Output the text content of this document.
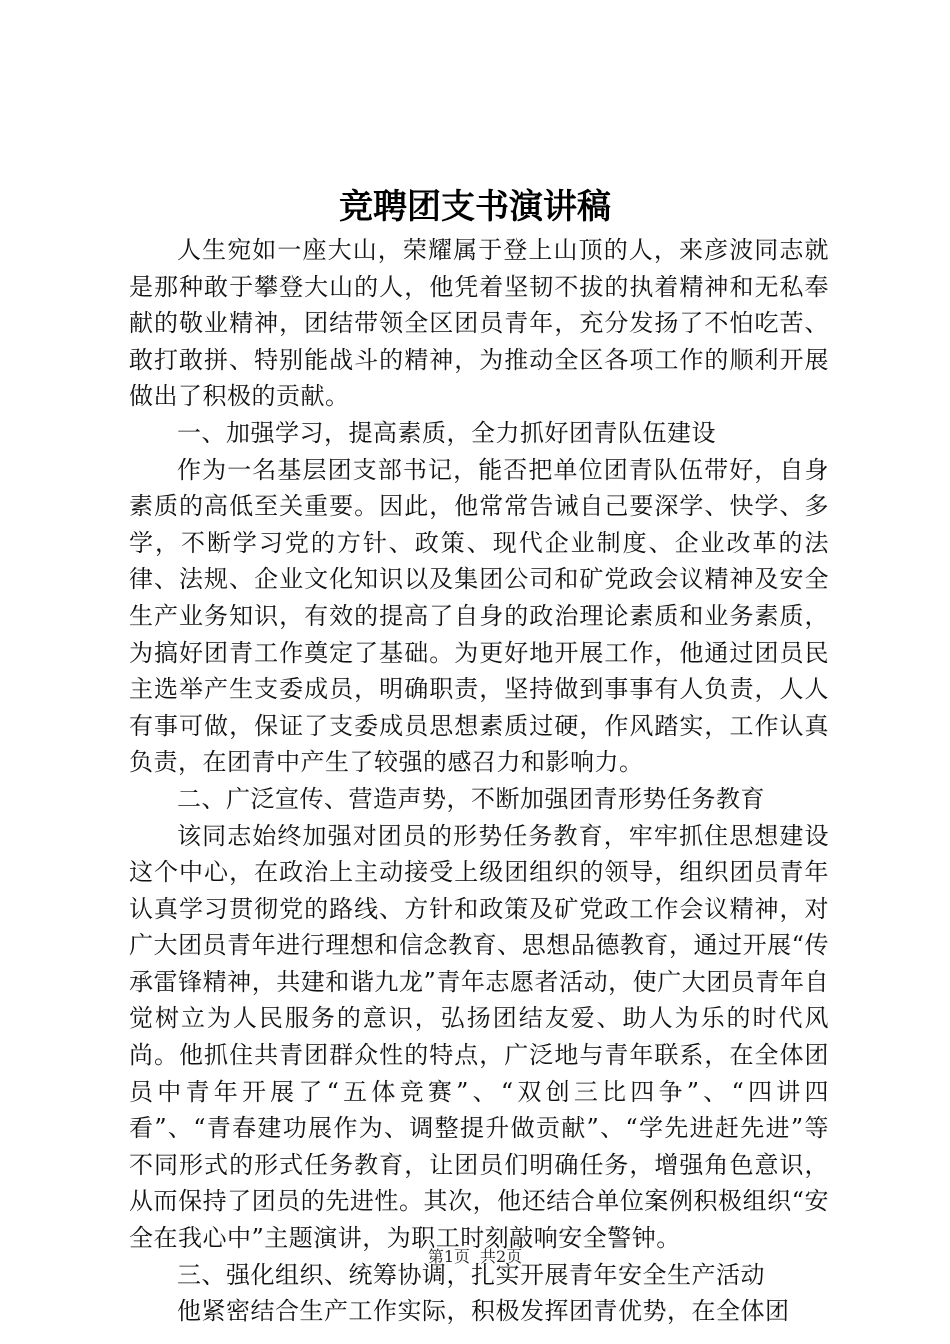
竞聘团支书演讲稿

人生宛如一座大山，荣耀属于登上山顶的人，来彦波同志就是那种敢于攀登大山的人，他凭着坚韧不拔的执着精神和无私奉献的敬业精神，团结带领全区团员青年，充分发扬了不怕吃苦、敢打敢拼、特别能战斗的精神，为推动全区各项工作的顺利开展做出了积极的贡献。

一、加强学习，提高素质，全力抓好团青队伍建设

作为一名基层团支部书记，能否把单位团青队伍带好，自身素质的高低至关重要。因此，他常常告诫自己要深学、快学、多学，不断学习党的方针、政策、现代企业制度、企业改革的法律、法规、企业文化知识以及集团公司和矿党政会议精神及安全生产业务知识，有效的提高了自身的政治理论素质和业务素质，为搞好团青工作奠定了基础。为更好地开展工作，他通过团员民主选举产生支委成员，明确职责，坚持做到事事有人负责，人人有事可做，保证了支委成员思想素质过硬，作风踏实，工作认真负责，在团青中产生了较强的感召力和影响力。

二、广泛宣传、营造声势，不断加强团青形势任务教育

该同志始终加强对团员的形势任务教育，牢牢抓住思想建设这个中心，在政治上主动接受上级团组织的领导，组织团员青年认真学习贯彻党的路线、方针和政策及矿党政工作会议精神，对广大团员青年进行理想和信念教育、思想品德教育，通过开展“传承雷锋精神，共建和谐九龙”青年志愿者活动，使广大团员青年自觉树立为人民服务的意识，弘扬团结友爱、助人为乐的时代风尚。他抓住共青团群众性的特点，广泛地与青年联系，在全体团员中青年开展了“五体竞赛”、“双创三比四争”、“四讲四看”、“青春建功展作为、调整提升做贡献”、“学先进赶先进”等不同形式的形式任务教育，让团员们明确任务，增强角色意识，从而保持了团员的先进性。其次，他还结合单位案例积极组织“安全在我心中”主题演讲，为职工时刻敲响安全警钟。

三、强化组织、统筹协调，扎实开展青年安全生产活动

他紧密结合生产工作实际，积极发挥团青优势，在全体团

第1页 共2页
